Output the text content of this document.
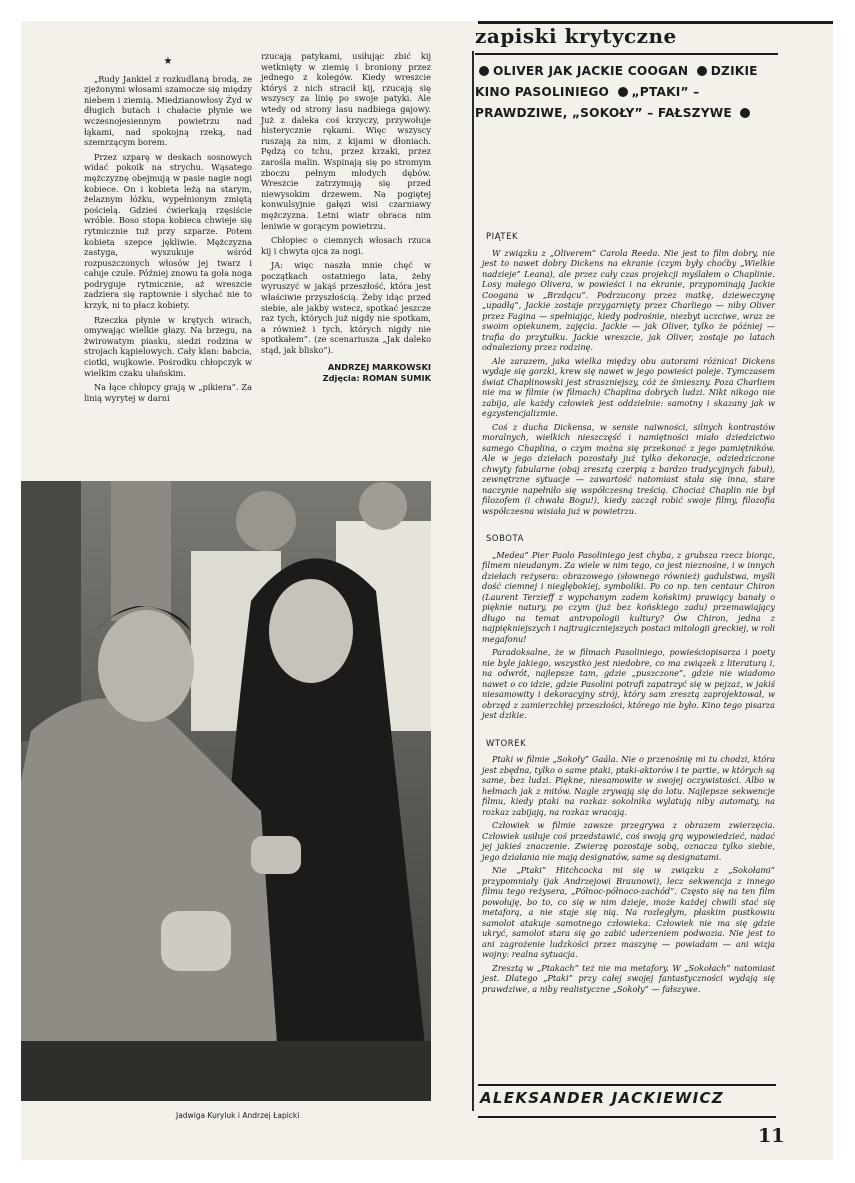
★

„Rudy Jankiel z rozkudlaną brodą, ze zjeżonymi włosami szamocze się między niebem i ziemią. Miedzianowłosy Żyd w długich butach i chałacie płynie we wczesnojesiennym powietrzu nad łąkami, nad spokojną rzeką, nad szemrzącym borem.

Przez szparę w deskach sosnowych widać pokoik na strychu. Wąsatego mężczyznę obejmują w pasie nagie nogi kobiece. On i kobieta leżą na starym, żelaznym łóżku, wypełnionym zmiętą pościelą. Gdzieś ćwierkają rzęsiście wróble. Boso stopa kobieca chwieje się rytmicznie tuż przy szparze. Potem kobieta szepce jękliwie. Mężczyzna zastyga, wyszukuje wśród rozpuszczonych włosów jej twarz i całuje czule. Później znowu ta goła noga podryguje rytmicznie, aż wreszcie zadziera się raptownie i słychać nie to krzyk, ni to płacz kobiety.

Rzeczka płynie w krętych wirach, omywając wielkie głazy. Na brzegu, na żwirowatym piasku, siedzi rodzina w strojach kąpielowych. Cały klan: babcia, ciotki, wujkowie. Pośrodku chłopczyk w wielkim czaku ułańskim.

Na łące chłopcy grają w „pikiera”. Za linią wyrytej w darni

rzucają patykami, usiłując zbić kij wetknięty w ziemię i broniony przez jednego z kolegów. Kiedy wreszcie któryś z nich stracił kij, rzucają się wszyscy za linię po swoje patyki. Ale wtedy od strony lasu nadbiega gajowy. Już z daleka coś krzyczy, przywołuje histerycznie rękami. Więc wszyscy ruszają za nim, z kijami w dłoniach. Pędzą co tchu, przez krzaki, przez zarośla malin. Wspinają się po stromym zboczu pełnym młodych dębów. Wreszcie zatrzymują się przed niewysokim drzewem. Na pogiętej konwulsyjnie gałęzi wisi czarniawy mężczyzna. Letni wiatr obraca nim leniwie w gorącym powietrzu.

Chłopiec o ciemnych włosach rzuca kij i chwyta ojca za nogi.

JA: więc naszła mnie chęć w początkach ostatniego lata, żeby wyruszyć w jakąś przeszłość, która jest właściwie przyszłością. Żeby idąc przed siebie, ale jakby wstecz, spotkać jeszcze raz tych, których już nigdy nie spotkam, a również i tych, których nigdy nie spotkałem”. (ze scenariusza „Jak daleko stąd, jak blisko”).

ANDRZEJ MARKOWSKI
Zdjęcia: ROMAN SUMIK
Jadwiga Kuryluk i Andrzej Łapicki
zapiski krytyczne
OLIVER JAK JACKIE COOGAN DZIKIE KINO PASOLINIEGO „PTAKI” – PRAWDZIWE, „SOKOŁY” – FAŁSZYWE
PIĄTEK

W związku z „Oliverem” Carola Reeda. Nie jest to film dobry, nie jest to nawet dobry Dickens na ekranie (czym były choćby „Wielkie nadzieje” Leana), ale przez cały czas projekcji myślałem o Chaplinie. Losy małego Olivera, w powieści i na ekranie, przypominają Jackie Coogana w „Brzdącu”. Podrzucony przez matkę, dzieweczynę „upadłą”, Jackie zostaje przygarnięty przez Charliego — niby Oliver przez Fagina — spełniając, kiedy podrośnie, niezbyt uczciwe, wraz ze swoim opiekunem, zajęcia. Jackie — jak Oliver, tylko że później — trafia do przytułku. Jackie wreszcie, jak Oliver, zostaje po latach odnaleziony przez rodzinę.

Ale zarazem, jaka wielka między obu autorami różnica! Dickens wydaje się gorzki, krew się nawet w jego powieści poleje. Tymczasem świat Chaplinowski jest straszniejszy, cóż że śmieszny. Poza Charliem nie ma w filmie (w filmach) Chaplina dobrych ludzi. Nikt nikogo nie zabija, ale każdy człowiek jest oddzielnie: samotny i skazany jak w egzystencjalizmie.

Coś z ducha Dickensa, w sensie naiwności, silnych kontrastów moralnych, wielkich nieszczęść i namiętności miało dziedzictwo samego Chaplina, o czym można się przekonać z jego pamiętników. Ale w jego dziełach pozostały już tylko dekoracje, odziedziczone chwyty fabularne (obaj zresztą czerpią z bardzo tradycyjnych fabuł), zewnętrzne sytuacje — zawartość natomiast stała się inna, stare naczynie napełniło się współczesną treścią. Chociaż Chaplin nie był filozofem (i chwała Bogu!), kiedy zaczął robić swoje filmy, filozofia współczesna wisiała już w powietrzu.

SOBOTA

„Medea” Pier Paolo Pasoliniego jest chyba, z grubsza rzecz biorąc, filmem nieudanym. Za wiele w nim tego, co jest nieznośne, i w innych dziełach reżysera: obrazowego (słownego również) gadulstwa, myśli dość ciemnej i nieglębokiej, symboliki. Po co np. ten centaur Chiron (Laurent Terzieff z wypchanym zadem końskim) prawiący banały o pięknie natury, po czym (już bez końskiego zadu) przemawiający długo na temat antropologii kultury? Ów Chiron, jedna z najpiękniejszych i najtragiczniejszych postaci mitologii greckiej, w roli megafonu!

Paradoksalne, że w filmach Pasoliniego, powieściopisarza i poety nie byle jakiego, wszystko jest niedobre, co ma związek z literaturą i, na odwrót, najlepsze tam, gdzie „puszczone”, gdzie nie wiadomo nawet o co idzie, gdzie Pasolini potrafi zapatrzyć się w pejzaż, w jakiś niesamowity i dekoracyjny strój, który sam zresztą zaprojektował, w obrzęd z zamierzchłej przeszłości, którego nie było. Kino tego pisarza jest dzikie.

WTOREK

Ptaki w filmie „Sokoły” Gaála. Nie o przenośnię mi tu chodzi, która jest zbędna, tylko o same ptaki, ptaki-aktorów i te partie, w których są same, bez ludzi. Piękne, niesamowite w swojej oczywistości. Albo w hełmach jak z mitów. Nagle zrywają się do lotu. Najlepsze sekwencje filmu, kiedy ptaki na rozkaz sokolnika wylatują niby automaty, na rozkaz zabijają, na rozkaz wracają.

Człowiek w filmie zawsze przegrywa z obrazem zwierzęcia. Człowiek usiłuje coś przedstawić, coś swoją grą wypowiedzieć, nadać jej jakieś znaczenie. Zwierzę pozostaje sobą, oznacza tylko siebie, jego działania nie mają designatów, same są designatami.

Nie „Ptaki” Hitchcocka mi się w związku z „Sokołami” przypomniały (jak Andrzejowi Braunowi), lecz sekwencja z innego filmu tego reżysera, „Północ-północo-zachód”. Często się na ten film powołuję, bo to, co się w nim dzieje, może każdej chwili stać się metaforą, a nie staje się nią. Na rozległym, płaskim pustkowiu samolot atakuje samotnego człowieka. Człowiek nie ma się gdzie ukryć, samolot stara się go zabić uderzeniem podwozia. Nie jest to ani zagrożenie ludzkości przez maszynę — powiadam — ani wizja wojny: realna sytuacja.

Zresztą w „Ptakach” też nie ma metafory. W „Sokołach” natomiast jest. Dlatego „Ptaki” przy całej swojej fantastyczności wydają się prawdziwe, a niby realistyczne „Sokoły” — fałszywe.

ALEKSANDER JACKIEWICZ
11
